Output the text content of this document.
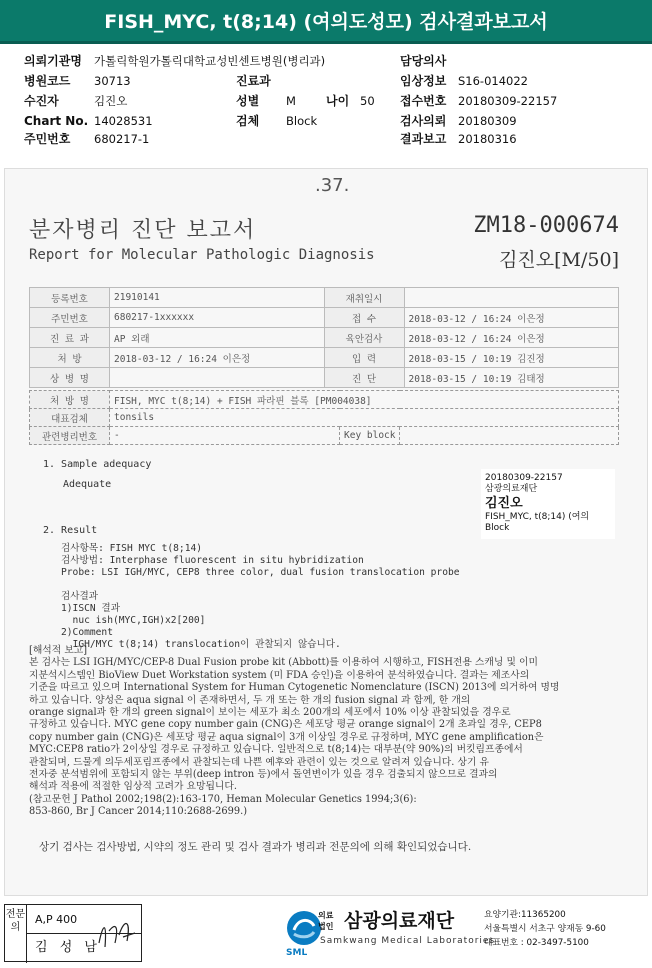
FISH_MYC, t(8;14) (여의도성모) 검사결과보고서
의뢰기관명 가톨릭학원가톨릭대학교성빈센트병원(병리과)	담당의사
병원코드 30713	진료과	임상정보 S16-014022
수진자	김진오	성별 M	나이 50 접수번호 20180309-22157
Chart No. 14028531	검체 Block	검사의뢰 20180309
주민번호 680217-1	결과보고 20180316
.37.
분자병리 진단 보고서
Report for Molecular Pathologic Diagnosis
ZM18-000674
김진오[M/50]
등록번호	21910141	재취일시	
주민번호	680217-1xxxxxx	접 수	2018-03-12 / 16:24 이은정
진 료 과	AP 외래	육안검사	2018-03-12 / 16:24 이은정
처 방	2018-03-12 / 16:24 이은정	입 력	2018-03-15 / 10:19 김진정
상 병 명		진 단	2018-03-15 / 10:19 김태정
처 방 명	FISH, MYC t(8;14) + FISH 파라핀 블록 [PM004038]		
대표검체	tonsils		
관련병리번호	-	Key block	
1. Sample adequacy
Adequate
20180309-22157
삼광의료재단
김진오
FISH_MYC, t(8;14) (여의
Block
2. Result
검사항목: FISH MYC t(8;14)
검사방법: Interphase fluorescent in situ hybridization
Probe: LSI IGH/MYC, CEP8 three color, dual fusion translocation probe
검사결과
1)ISCN 결과
nuc ish(MYC,IGH)x2[200]
2)Comment
IGH/MYC t(8;14) translocation이 관찰되지 않습니다.
[해석적 보고]
본 검사는 LSI IGH/MYC/CEP-8 Dual Fusion probe kit (Abbott)를 이용하여 시행하고, FISH전용 스캐닝 및 이미
지분석시스템인 BioView Duet Workstation system (미 FDA 승인)을 이용하여 분석하였습니다. 결과는 제조사의
기준을 따르고 있으며 International System for Human Cytogenetic Nomenclature (ISCN) 2013에 의거하여 명명
하고 있습니다. 양성은 aqua signal 이 존재하면서, 두 개 또는 한 개의 fusion signal 과 함께, 한 개의
orange signal과 한 개의 green signal이 보이는 세포가 최소 200개의 세포에서 10% 이상 관찰되었을 경우로
규정하고 있습니다. MYC gene copy number gain (CNG)은 세포당 평균 orange signal이 2개 초과일 경우, CEP8
copy number gain (CNG)은 세포당 평균 aqua signal이 3개 이상일 경우로 규정하며, MYC gene amplification은
MYC:CEP8 ratio가 2이상일 경우로 규정하고 있습니다. 일반적으로 t(8;14)는 대부분(약 90%)의 버킷림프종에서
관찰되며, 드물게 의두세포림프종에서 관찰되는데 나쁜 예후와 관련이 있는 것으로 알려져 있습니다. 상기 유
전자중 분석범위에 포함되지 않는 부위(deep intron 등)에서 돌연변이가 있을 경우 검출되지 않으므로 결과의
해석과 적용에 적절한 임상적 고려가 요망됩니다.
(참고문헌 J Pathol 2002;198(2):163-170, Heman Molecular Genetics 1994;3(6):
853-860, Br J Cancer 2014;110:2688-2699.)
상기 검사는 검사방법, 시약의 정도 관리 및 검사 결과가 병리과 전문의에 의해 확인되었습니다.
전문의
A,P 400
김 성 남	SML
의료
법인 삼광의료재단
Samkwang Medical Laboratories
요양기관:11365200
서울특별시 서초구 양재동 9-60
대표번호 : 02-3497-5100
